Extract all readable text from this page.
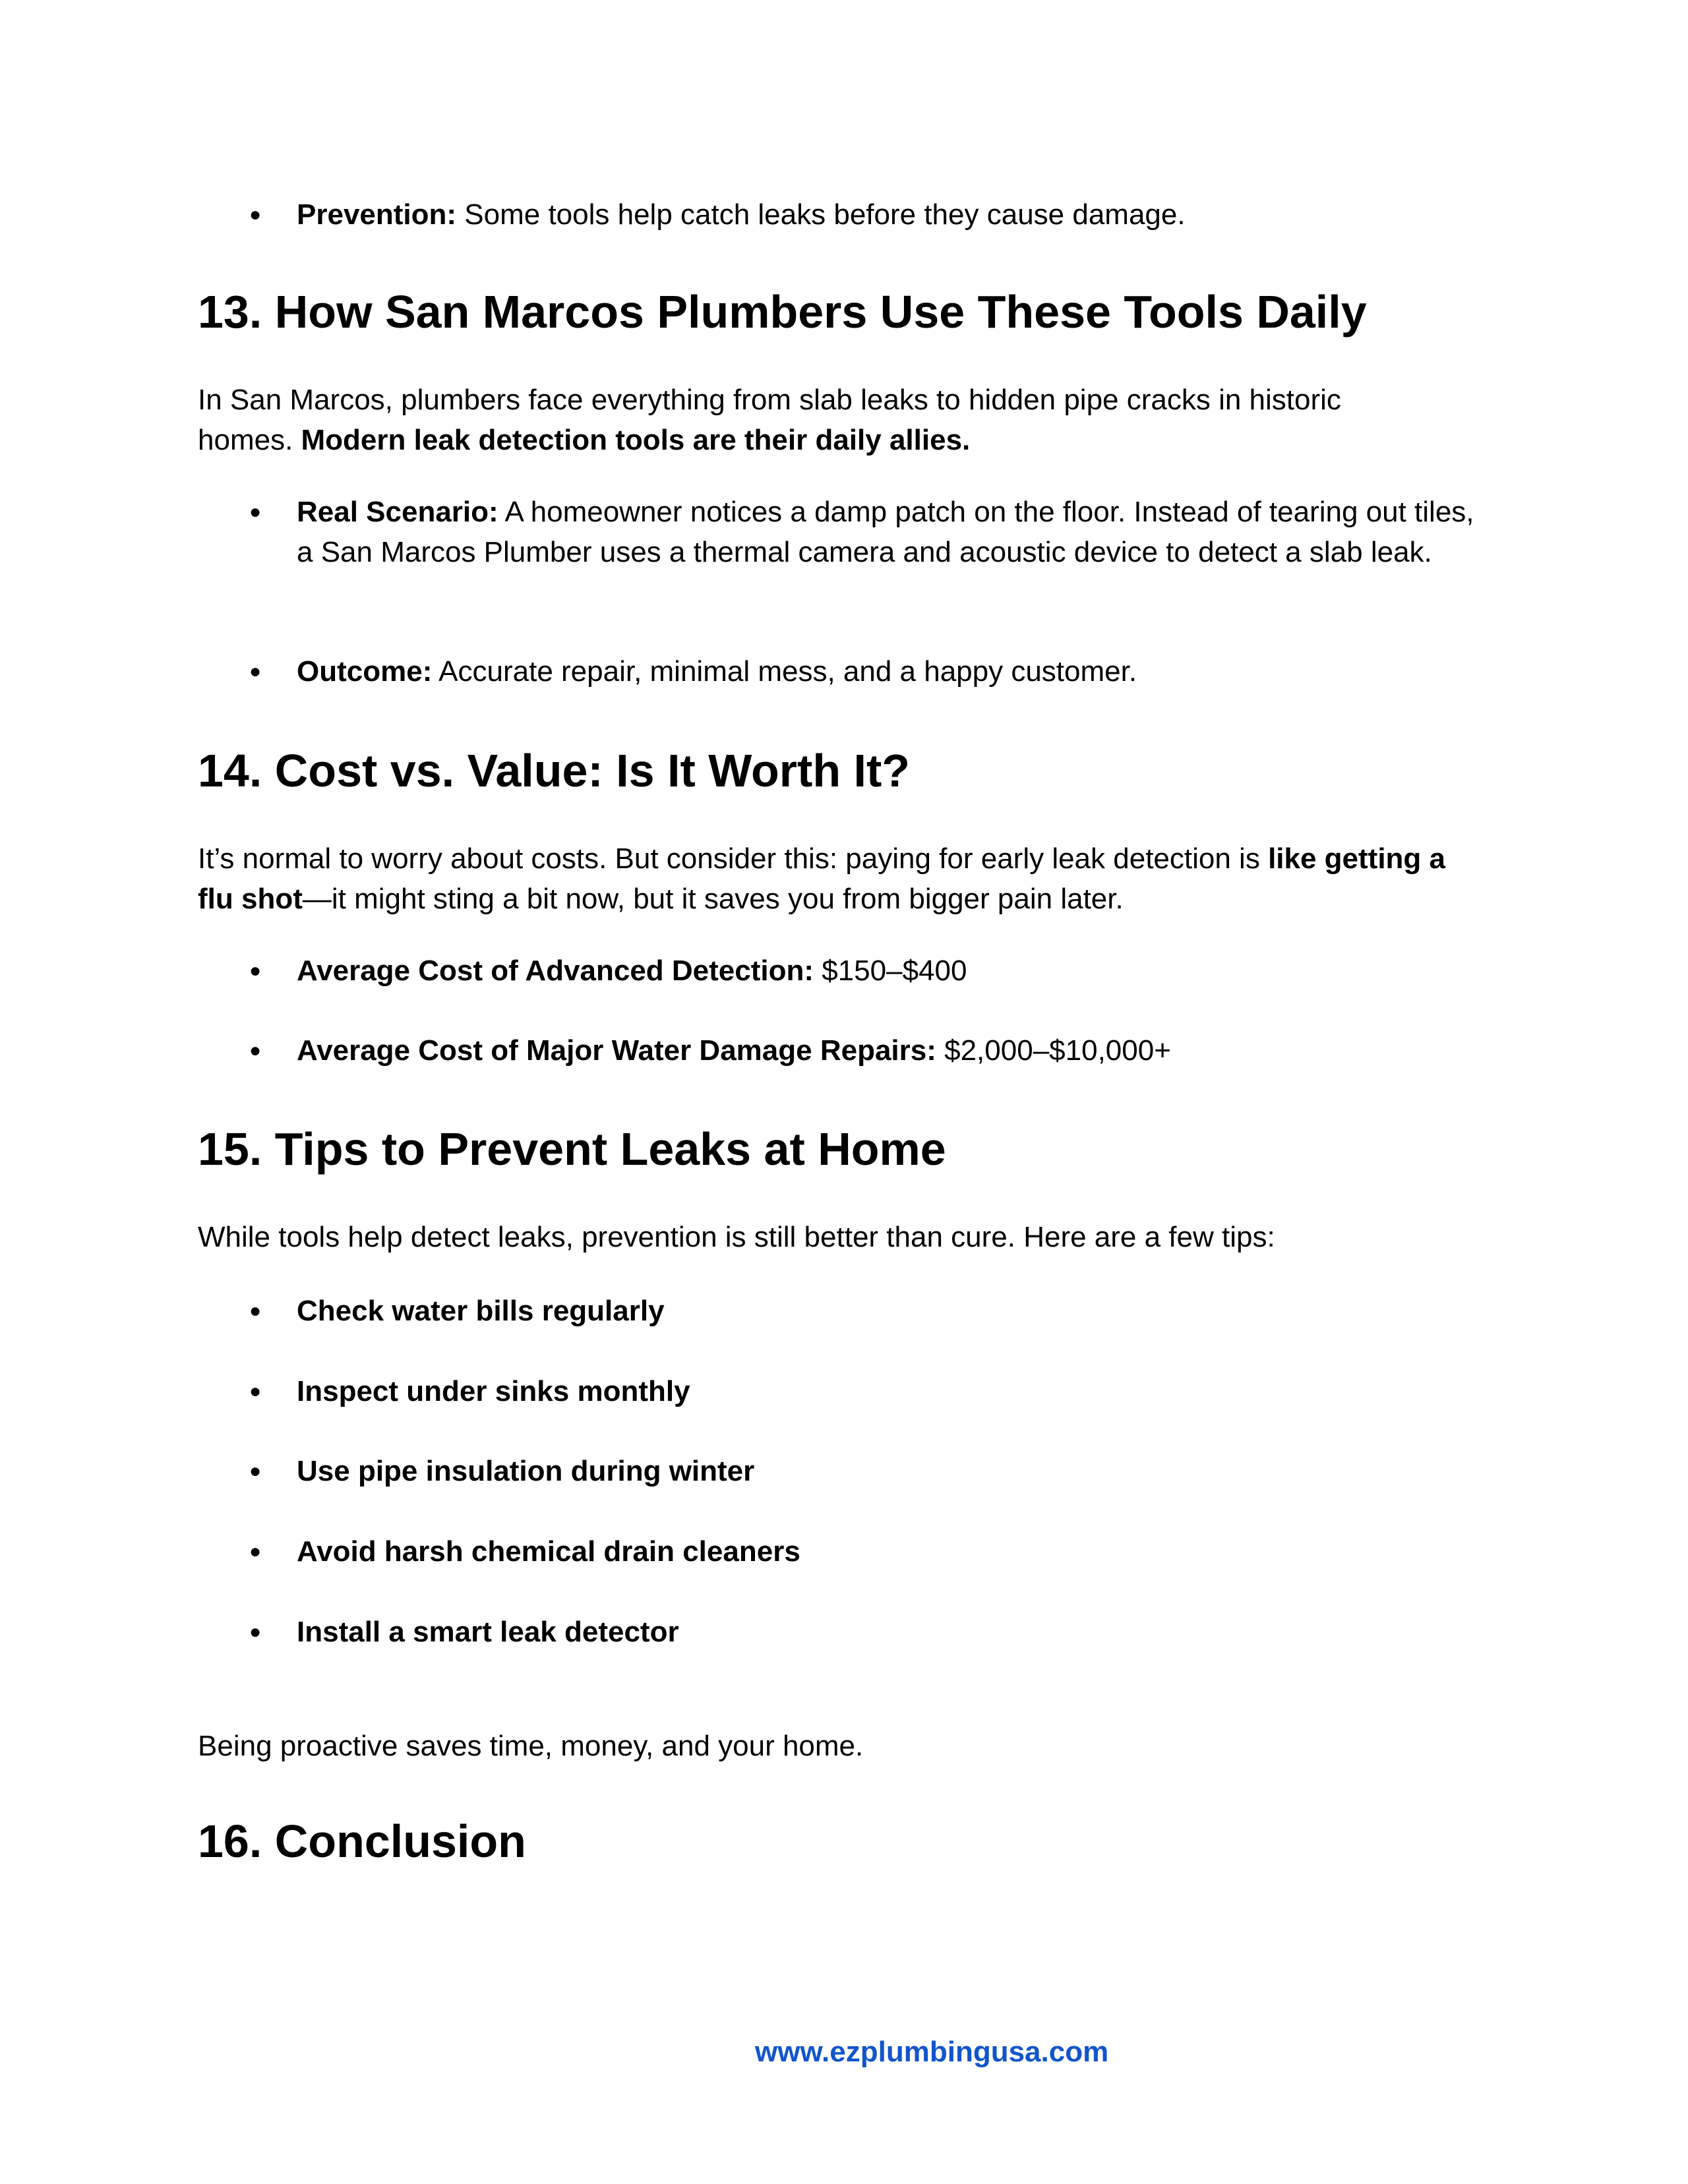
● Prevention: Some tools help catch leaks before they cause damage.
13. How San Marcos Plumbers Use These Tools Daily

In San Marcos, plumbers face everything from slab leaks to hidden pipe cracks in historic homes. Modern leak detection tools are their daily allies.

● Real Scenario: A homeowner notices a damp patch on the floor. Instead of tearing out tiles, a San Marcos Plumber uses a thermal camera and acoustic device to detect a slab leak.
● Outcome: Accurate repair, minimal mess, and a happy customer.
14. Cost vs. Value: Is It Worth It?

It’s normal to worry about costs. But consider this: paying for early leak detection is like getting a flu shot—it might sting a bit now, but it saves you from bigger pain later.

● Average Cost of Advanced Detection: $150–$400
● Average Cost of Major Water Damage Repairs: $2,000–$10,000+
15. Tips to Prevent Leaks at Home

While tools help detect leaks, prevention is still better than cure. Here are a few tips:

● Check water bills regularly
● Inspect under sinks monthly
● Use pipe insulation during winter
● Avoid harsh chemical drain cleaners
● Install a smart leak detector

Being proactive saves time, money, and your home.

16. Conclusion
www.ezplumbingusa.com
